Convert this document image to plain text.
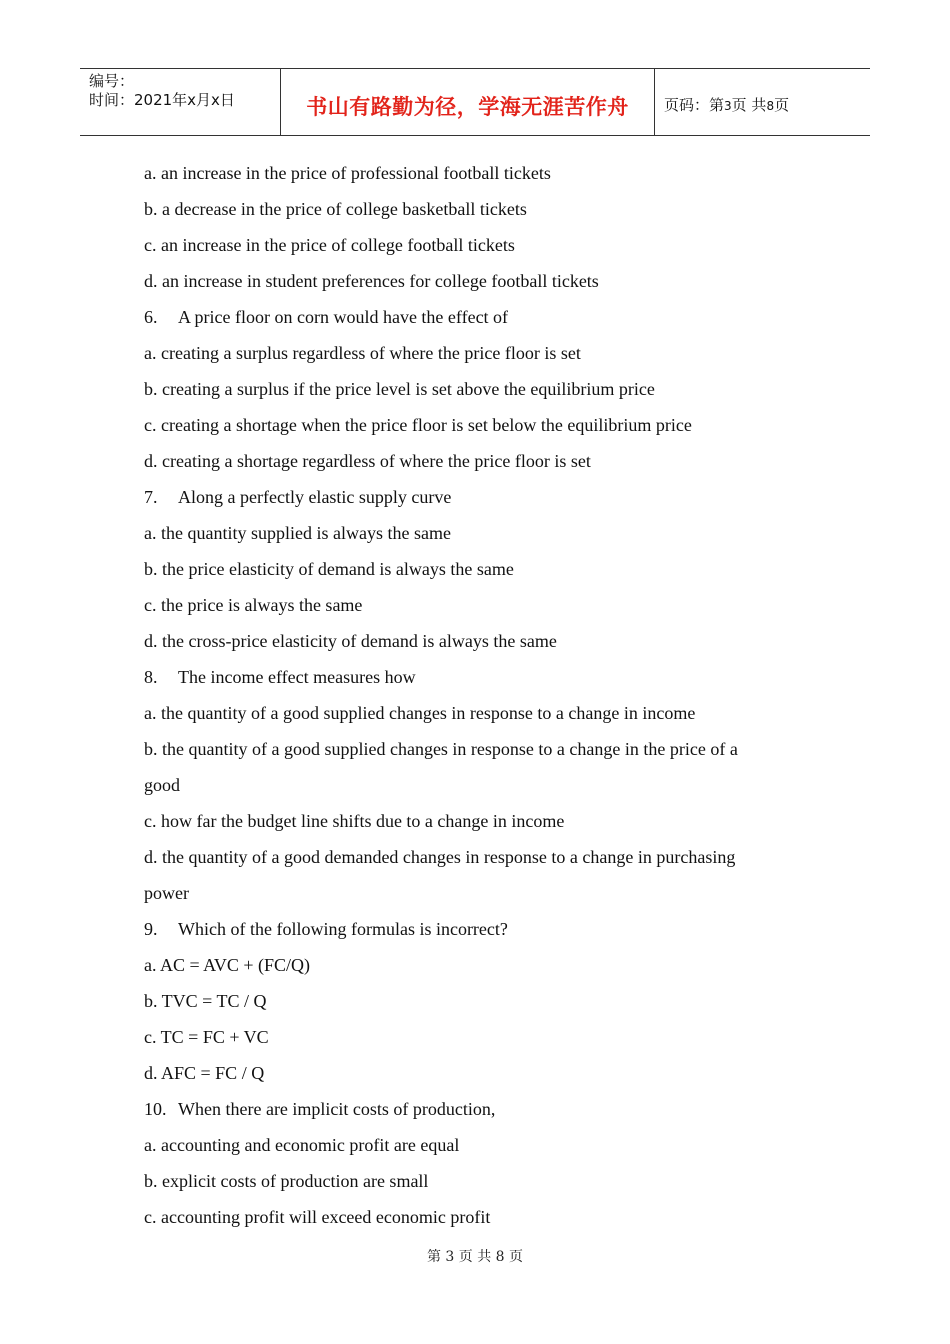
编号：
时间：2021年x月x日	书山有路勤为径，学海无涯苦作舟	页码：第3页 共8页
a. an increase in the price of professional football tickets
b. a decrease in the price of college basketball tickets
c. an increase in the price of college football tickets
d. an increase in student preferences for college football tickets
6. A price floor on corn would have the effect of
a. creating a surplus regardless of where the price floor is set
b. creating a surplus if the price level is set above the equilibrium price
c. creating a shortage when the price floor is set below the equilibrium price
d. creating a shortage regardless of where the price floor is set
7. Along a perfectly elastic supply curve
a. the quantity supplied is always the same
b. the price elasticity of demand is always the same
c. the price is always the same
d. the cross-price elasticity of demand is always the same
8. The income effect measures how
a. the quantity of a good supplied changes in response to a change in income
b. the quantity of a good supplied changes in response to a change in the price of a
good
c. how far the budget line shifts due to a change in income
d. the quantity of a good demanded changes in response to a change in purchasing
power
9. Which of the following formulas is incorrect?
a. AC = AVC + (FC/Q)
b. TVC = TC / Q
c. TC = FC + VC
d. AFC = FC / Q
10. When there are implicit costs of production,
a. accounting and economic profit are equal
b. explicit costs of production are small
c. accounting profit will exceed economic profit
第 3 页 共 8 页
